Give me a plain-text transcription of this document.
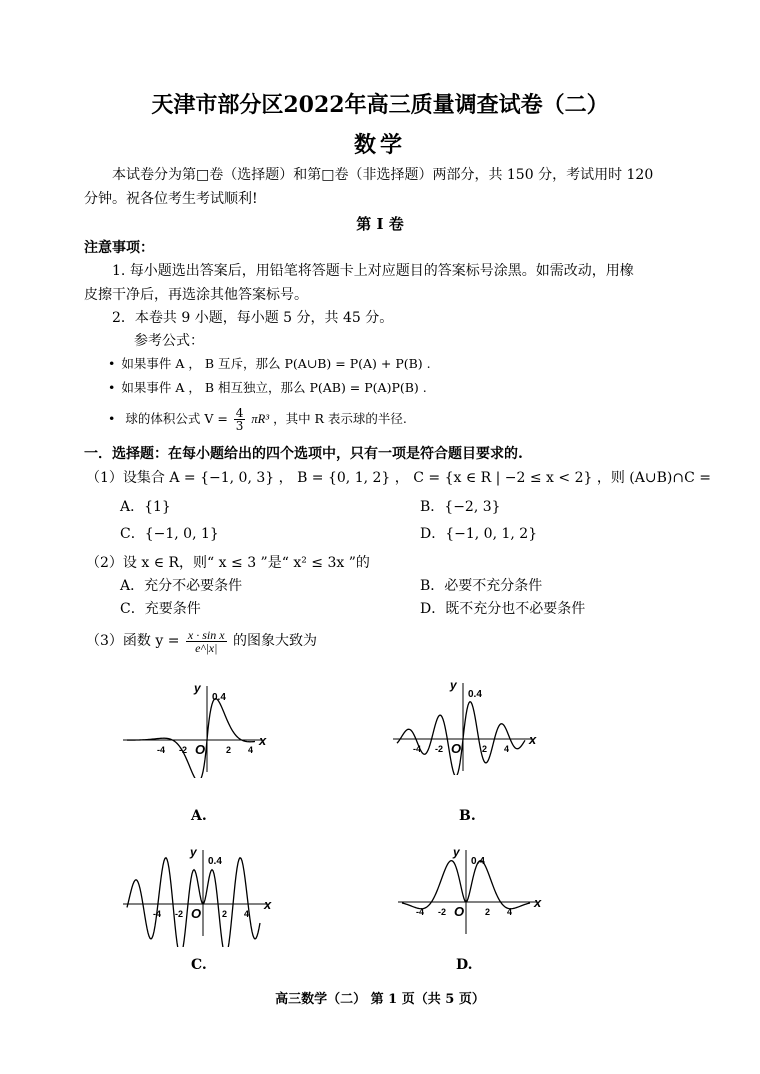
天津市部分区2022年高三质量调查试卷（二）
数学
本试卷分为第□卷（选择题）和第□卷（非选择题）两部分，共 150 分，考试用时 120
分钟。祝各位考生考试顺利!
第 I 卷
注意事项：
1. 每小题选出答案后，用铅笔将答题卡上对应题目的答案标号涂黑。如需改动，用橡
皮擦干净后，再选涂其他答案标号。
2．本卷共 9 小题，每小题 5 分，共 45 分。
参考公式：
• 如果事件 A ， B 互斥，那么 P(A∪B) = P(A) + P(B) .
• 如果事件 A ， B 相互独立，那么 P(AB) = P(A)P(B) .
• 球的体积公式 $V = \frac{4}{3} \pi R^3$ ，其中 R 表示球的半径.
一．选择题：在每小题给出的四个选项中，只有一项是符合题目要求的.
（1）设集合 A = {−1, 0, 3} ， B = {0, 1, 2} ， C = {x ∈ R | −2 ≤ x < 2} ，则 (A∪B)∩C =
A．{1}	B．{−2, 3}
C．{−1, 0, 1}	D．{−1, 0, 1, 2}
（2）设 x ∈ R，则“ x ≤ 3 ”是“ x² ≤ 3x ”的
A．充分不必要条件	B．必要不充分条件
C．充要条件	D．既不充分也不必要条件
（3）函数 $y = \frac{\text{x · sin x}}{e\^{}|x|}$ 的图象大致为
y
0.4
O
x
-4 -2	2 4
y
0.4
O
x
-4 -2	2 4
y
0.4
O
x
-4 -2	2 4
y
0.4
O
x
-4 -2	2 4
A.	B.
C.	D.
高三数学（二） 第 1 页（共 5 页）
